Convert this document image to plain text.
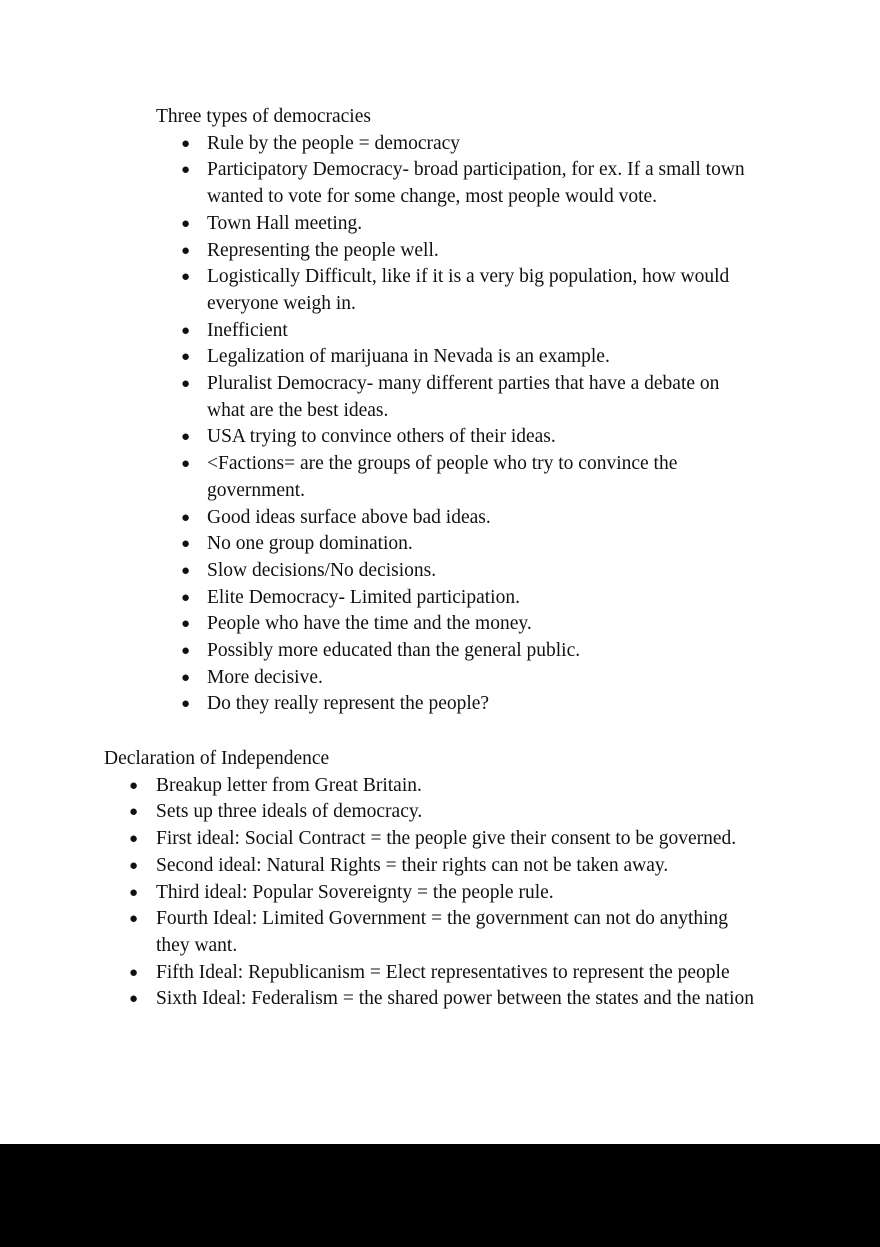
Three types of democracies
● Rule by the people = democracy
● Participatory Democracy- broad participation, for ex. If a small town wanted to vote for some change, most people would vote.
● Town Hall meeting.
● Representing the people well.
● Logistically Difficult, like if it is a very big population, how would everyone weigh in.
● Inefficient
● Legalization of marijuana in Nevada is an example.
● Pluralist Democracy- many different parties that have a debate on what are the best ideas.
● USA trying to convince others of their ideas.
● <Factions= are the groups of people who try to convince the government.
● Good ideas surface above bad ideas.
● No one group domination.
● Slow decisions/No decisions.
● Elite Democracy- Limited participation.
● People who have the time and the money.
● Possibly more educated than the general public.
● More decisive.
● Do they really represent the people?
Declaration of Independence
● Breakup letter from Great Britain.
● Sets up three ideals of democracy.
● First ideal: Social Contract = the people give their consent to be governed.
● Second ideal: Natural Rights = their rights can not be taken away.
● Third ideal: Popular Sovereignty = the people rule.
● Fourth Ideal: Limited Government = the government can not do anything they want.
● Fifth Ideal: Republicanism = Elect representatives to represent the people
● Sixth Ideal: Federalism = the shared power between the states and the nation
